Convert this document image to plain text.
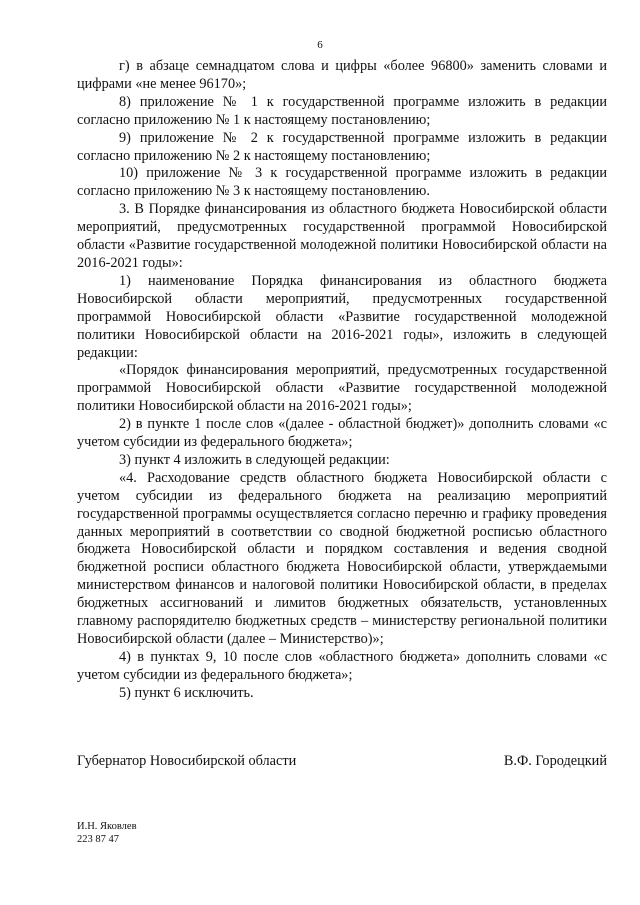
6

г) в абзаце семнадцатом слова и цифры «более 96800» заменить словами и цифрами «не менее 96170»;

8) приложение № 1 к государственной программе изложить в редакции согласно приложению № 1 к настоящему постановлению;

9) приложение № 2 к государственной программе изложить в редакции согласно приложению № 2 к настоящему постановлению;

10) приложение № 3 к государственной программе изложить в редакции согласно приложению № 3 к настоящему постановлению.

3. В Порядке финансирования из областного бюджета Новосибирской области мероприятий, предусмотренных государственной программой Новосибирской области «Развитие государственной молодежной политики Новосибирской области на 2016-2021 годы»:

1) наименование Порядка финансирования из областного бюджета Новосибирской области мероприятий, предусмотренных государственной программой Новосибирской области «Развитие государственной молодежной политики Новосибирской области на 2016-2021 годы», изложить в следующей редакции:

«Порядок финансирования мероприятий, предусмотренных государственной программой Новосибирской области «Развитие государственной молодежной политики Новосибирской области на 2016-2021 годы»;

2) в пункте 1 после слов «(далее - областной бюджет)» дополнить словами «с учетом субсидии из федерального бюджета»;

3) пункт 4 изложить в следующей редакции:

«4. Расходование средств областного бюджета Новосибирской области с учетом субсидии из федерального бюджета на реализацию мероприятий государственной программы осуществляется согласно перечню и графику проведения данных мероприятий в соответствии со сводной бюджетной росписью областного бюджета Новосибирской области и порядком составления и ведения сводной бюджетной росписи областного бюджета Новосибирской области, утверждаемыми министерством финансов и налоговой политики Новосибирской области, в пределах бюджетных ассигнований и лимитов бюджетных обязательств, установленных главному распорядителю бюджетных средств – министерству региональной политики Новосибирской области (далее – Министерство)»;

4) в пунктах 9, 10 после слов «областного бюджета» дополнить словами «с учетом субсидии из федерального бюджета»;

5) пункт 6 исключить.

Губернатор Новосибирской области	В.Ф. Городецкий
И.Н. Яковлев
223 87 47
